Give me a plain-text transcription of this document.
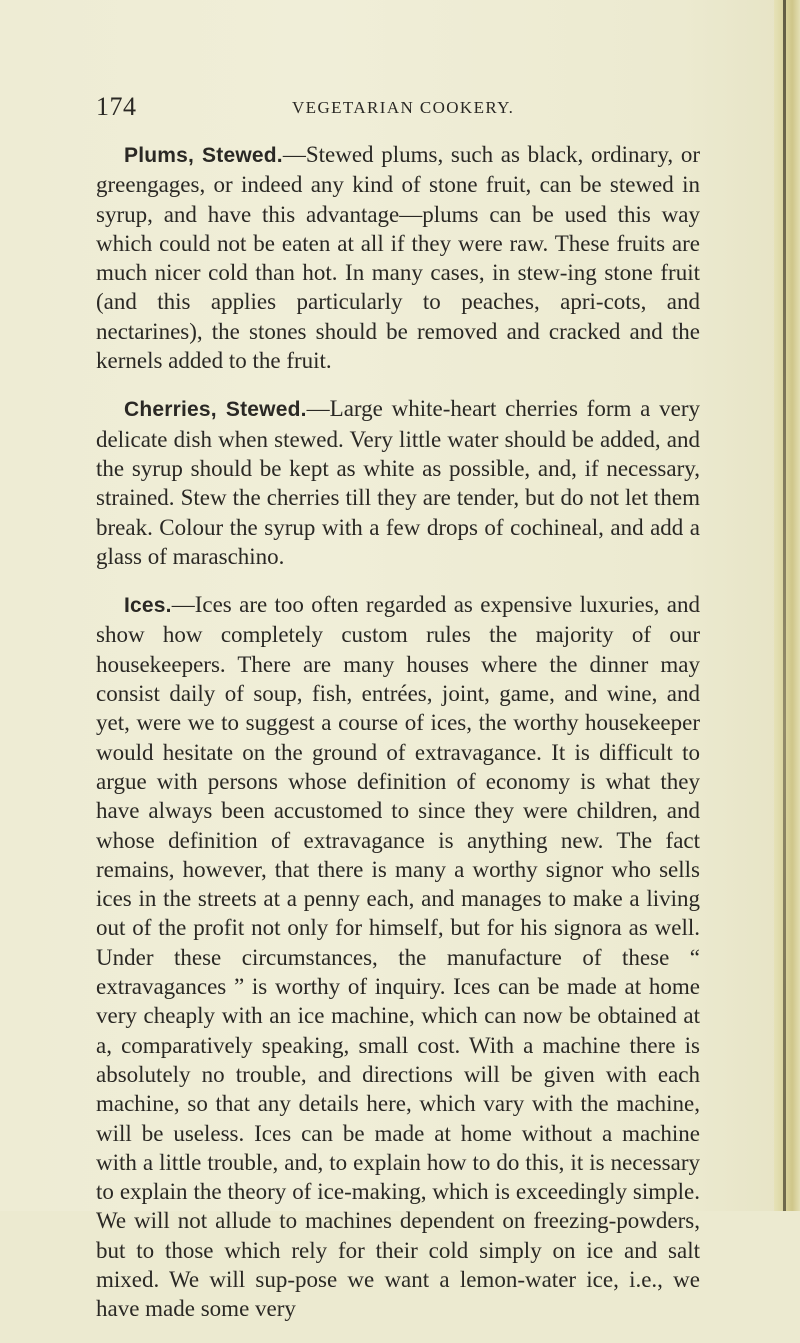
174	VEGETARIAN COOKERY.

Plums, Stewed.—Stewed plums, such as black, ordinary, or greengages, or indeed any kind of stone fruit, can be stewed in syrup, and have this advantage—plums can be used this way which could not be eaten at all if they were raw. These fruits are much nicer cold than hot. In many cases, in stew-ing stone fruit (and this applies particularly to peaches, apri-cots, and nectarines), the stones should be removed and cracked and the kernels added to the fruit.

Cherries, Stewed.—Large white-heart cherries form a very delicate dish when stewed. Very little water should be added, and the syrup should be kept as white as possible, and, if necessary, strained. Stew the cherries till they are tender, but do not let them break. Colour the syrup with a few drops of cochineal, and add a glass of maraschino.

Ices.—Ices are too often regarded as expensive luxuries, and show how completely custom rules the majority of our housekeepers. There are many houses where the dinner may consist daily of soup, fish, entrées, joint, game, and wine, and yet, were we to suggest a course of ices, the worthy housekeeper would hesitate on the ground of extravagance. It is difficult to argue with persons whose definition of economy is what they have always been accustomed to since they were children, and whose definition of extravagance is anything new. The fact remains, however, that there is many a worthy signor who sells ices in the streets at a penny each, and manages to make a living out of the profit not only for himself, but for his signora as well. Under these circumstances, the manufacture of these “ extravagances ” is worthy of inquiry. Ices can be made at home very cheaply with an ice machine, which can now be obtained at a, comparatively speaking, small cost. With a machine there is absolutely no trouble, and directions will be given with each machine, so that any details here, which vary with the machine, will be useless. Ices can be made at home without a machine with a little trouble, and, to explain how to do this, it is necessary to explain the theory of ice-making, which is exceedingly simple. We will not allude to machines dependent on freezing-powders, but to those which rely for their cold simply on ice and salt mixed. We will sup-pose we want a lemon-water ice, i.e., we have made some very
